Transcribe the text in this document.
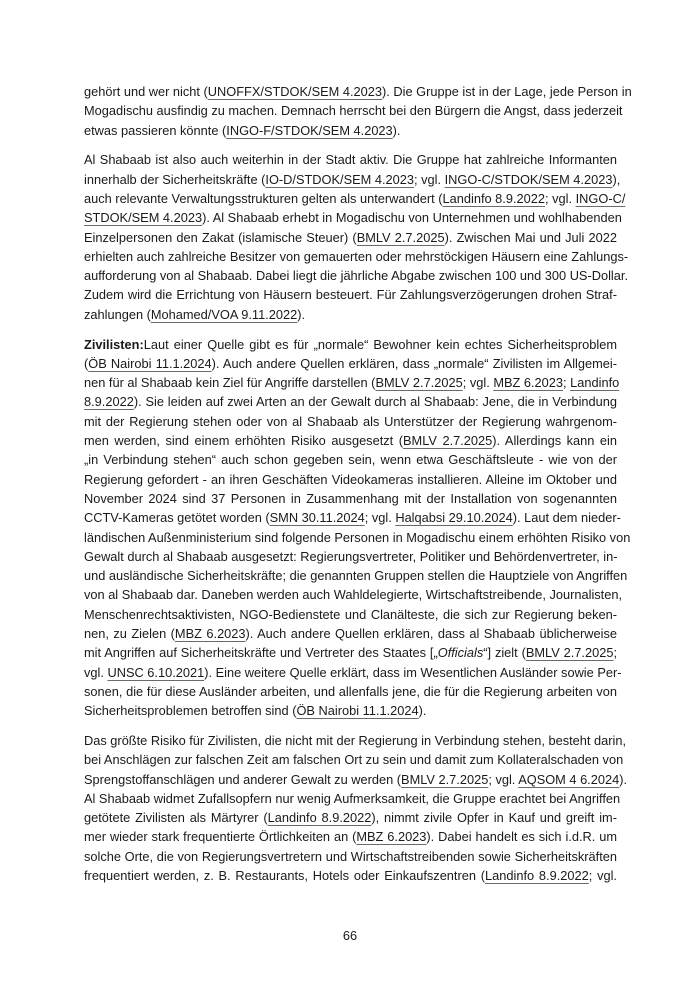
gehört und wer nicht (UNOFFX/STDOK/SEM 4.2023). Die Gruppe ist in der Lage, jede Person in
Mogadischu ausfindig zu machen. Demnach herrscht bei den Bürgern die Angst, dass jederzeit
etwas passieren könnte (INGO-F/STDOK/SEM 4.2023).
Al Shabaab ist also auch weiterhin in der Stadt aktiv. Die Gruppe hat zahlreiche Informanten
innerhalb der Sicherheitskräfte (IO-D/STDOK/SEM 4.2023; vgl. INGO-C/STDOK/SEM 4.2023),
auch relevante Verwaltungsstrukturen gelten als unterwandert (Landinfo 8.9.2022; vgl. INGO-C/
STDOK/SEM 4.2023). Al Shabaab erhebt in Mogadischu von Unternehmen und wohlhabenden
Einzelpersonen den Zakat (islamische Steuer) (BMLV 2.7.2025). Zwischen Mai und Juli 2022
erhielten auch zahlreiche Besitzer von gemauerten oder mehrstöckigen Häusern eine Zahlungs-
aufforderung von al Shabaab. Dabei liegt die jährliche Abgabe zwischen 100 und 300 US-Dollar.
Zudem wird die Errichtung von Häusern besteuert. Für Zahlungsverzögerungen drohen Straf-
zahlungen (Mohamed/VOA 9.11.2022).
Zivilisten:Laut einer Quelle gibt es für „normale“ Bewohner kein echtes Sicherheitsproblem
(ÖB Nairobi 11.1.2024). Auch andere Quellen erklären, dass „normale“ Zivilisten im Allgemei-
nen für al Shabaab kein Ziel für Angriffe darstellen (BMLV 2.7.2025; vgl. MBZ 6.2023; Landinfo
8.9.2022). Sie leiden auf zwei Arten an der Gewalt durch al Shabaab: Jene, die in Verbindung
mit der Regierung stehen oder von al Shabaab als Unterstützer der Regierung wahrgenom-
men werden, sind einem erhöhten Risiko ausgesetzt (BMLV 2.7.2025). Allerdings kann ein
„in Verbindung stehen“ auch schon gegeben sein, wenn etwa Geschäftsleute - wie von der
Regierung gefordert - an ihren Geschäften Videokameras installieren. Alleine im Oktober und
November 2024 sind 37 Personen in Zusammenhang mit der Installation von sogenannten
CCTV-Kameras getötet worden (SMN 30.11.2024; vgl. Halqabsi 29.10.2024). Laut dem nieder-
ländischen Außenministerium sind folgende Personen in Mogadischu einem erhöhten Risiko von
Gewalt durch al Shabaab ausgesetzt: Regierungsvertreter, Politiker und Behördenvertreter, in-
und ausländische Sicherheitskräfte; die genannten Gruppen stellen die Hauptziele von Angriffen
von al Shabaab dar. Daneben werden auch Wahldelegierte, Wirtschaftstreibende, Journalisten,
Menschenrechtsaktivisten, NGO-Bedienstete und Clanälteste, die sich zur Regierung beken-
nen, zu Zielen (MBZ 6.2023). Auch andere Quellen erklären, dass al Shabaab üblicherweise
mit Angriffen auf Sicherheitskräfte und Vertreter des Staates [„Officials“] zielt (BMLV 2.7.2025;
vgl. UNSC 6.10.2021). Eine weitere Quelle erklärt, dass im Wesentlichen Ausländer sowie Per-
sonen, die für diese Ausländer arbeiten, und allenfalls jene, die für die Regierung arbeiten von
Sicherheitsproblemen betroffen sind (ÖB Nairobi 11.1.2024).
Das größte Risiko für Zivilisten, die nicht mit der Regierung in Verbindung stehen, besteht darin,
bei Anschlägen zur falschen Zeit am falschen Ort zu sein und damit zum Kollateralschaden von
Sprengstoffanschlägen und anderer Gewalt zu werden (BMLV 2.7.2025; vgl. AQSOM 4 6.2024).
Al Shabaab widmet Zufallsopfern nur wenig Aufmerksamkeit, die Gruppe erachtet bei Angriffen
getötete Zivilisten als Märtyrer (Landinfo 8.9.2022), nimmt zivile Opfer in Kauf und greift im-
mer wieder stark frequentierte Örtlichkeiten an (MBZ 6.2023). Dabei handelt es sich i.d.R. um
solche Orte, die von Regierungsvertretern und Wirtschaftstreibenden sowie Sicherheitskräften
frequentiert werden, z. B. Restaurants, Hotels oder Einkaufszentren (Landinfo 8.9.2022; vgl.
66
